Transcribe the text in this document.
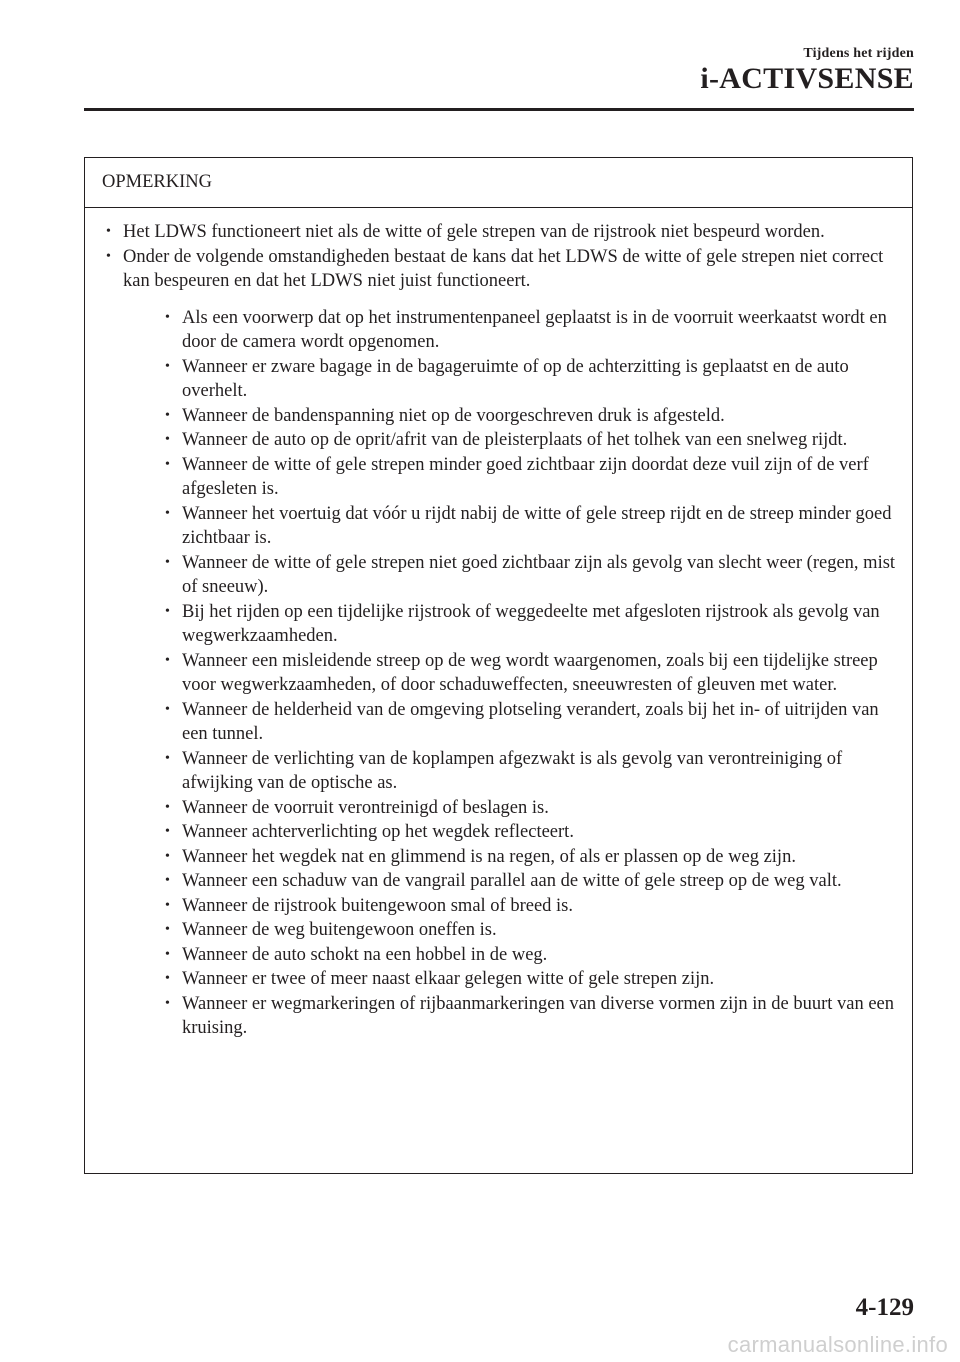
Tijdens het rijden
i-ACTIVSENSE
OPMERKING
• Het LDWS functioneert niet als de witte of gele strepen van de rijstrook niet bespeurd worden.
• Onder de volgende omstandigheden bestaat de kans dat het LDWS de witte of gele strepen niet correct kan bespeuren en dat het LDWS niet juist functioneert.
• Als een voorwerp dat op het instrumentenpaneel geplaatst is in de voorruit weerkaatst wordt en door de camera wordt opgenomen.
• Wanneer er zware bagage in de bagageruimte of op de achterzitting is geplaatst en de auto overhelt.
• Wanneer de bandenspanning niet op de voorgeschreven druk is afgesteld.
• Wanneer de auto op de oprit/afrit van de pleisterplaats of het tolhek van een snelweg rijdt.
• Wanneer de witte of gele strepen minder goed zichtbaar zijn doordat deze vuil zijn of de verf afgesleten is.
• Wanneer het voertuig dat vóór u rijdt nabij de witte of gele streep rijdt en de streep minder goed zichtbaar is.
• Wanneer de witte of gele strepen niet goed zichtbaar zijn als gevolg van slecht weer (regen, mist of sneeuw).
• Bij het rijden op een tijdelijke rijstrook of weggedeelte met afgesloten rijstrook als gevolg van wegwerkzaamheden.
• Wanneer een misleidende streep op de weg wordt waargenomen, zoals bij een tijdelijke streep voor wegwerkzaamheden, of door schaduweffecten, sneeuwresten of gleuven met water.
• Wanneer de helderheid van de omgeving plotseling verandert, zoals bij het in- of uitrijden van een tunnel.
• Wanneer de verlichting van de koplampen afgezwakt is als gevolg van verontreiniging of afwijking van de optische as.
• Wanneer de voorruit verontreinigd of beslagen is.
• Wanneer achterverlichting op het wegdek reflecteert.
• Wanneer het wegdek nat en glimmend is na regen, of als er plassen op de weg zijn.
• Wanneer een schaduw van de vangrail parallel aan de witte of gele streep op de weg valt.
• Wanneer de rijstrook buitengewoon smal of breed is.
• Wanneer de weg buitengewoon oneffen is.
• Wanneer de auto schokt na een hobbel in de weg.
• Wanneer er twee of meer naast elkaar gelegen witte of gele strepen zijn.
• Wanneer er wegmarkeringen of rijbaanmarkeringen van diverse vormen zijn in de buurt van een kruising.
4-129
carmanualsonline.info
